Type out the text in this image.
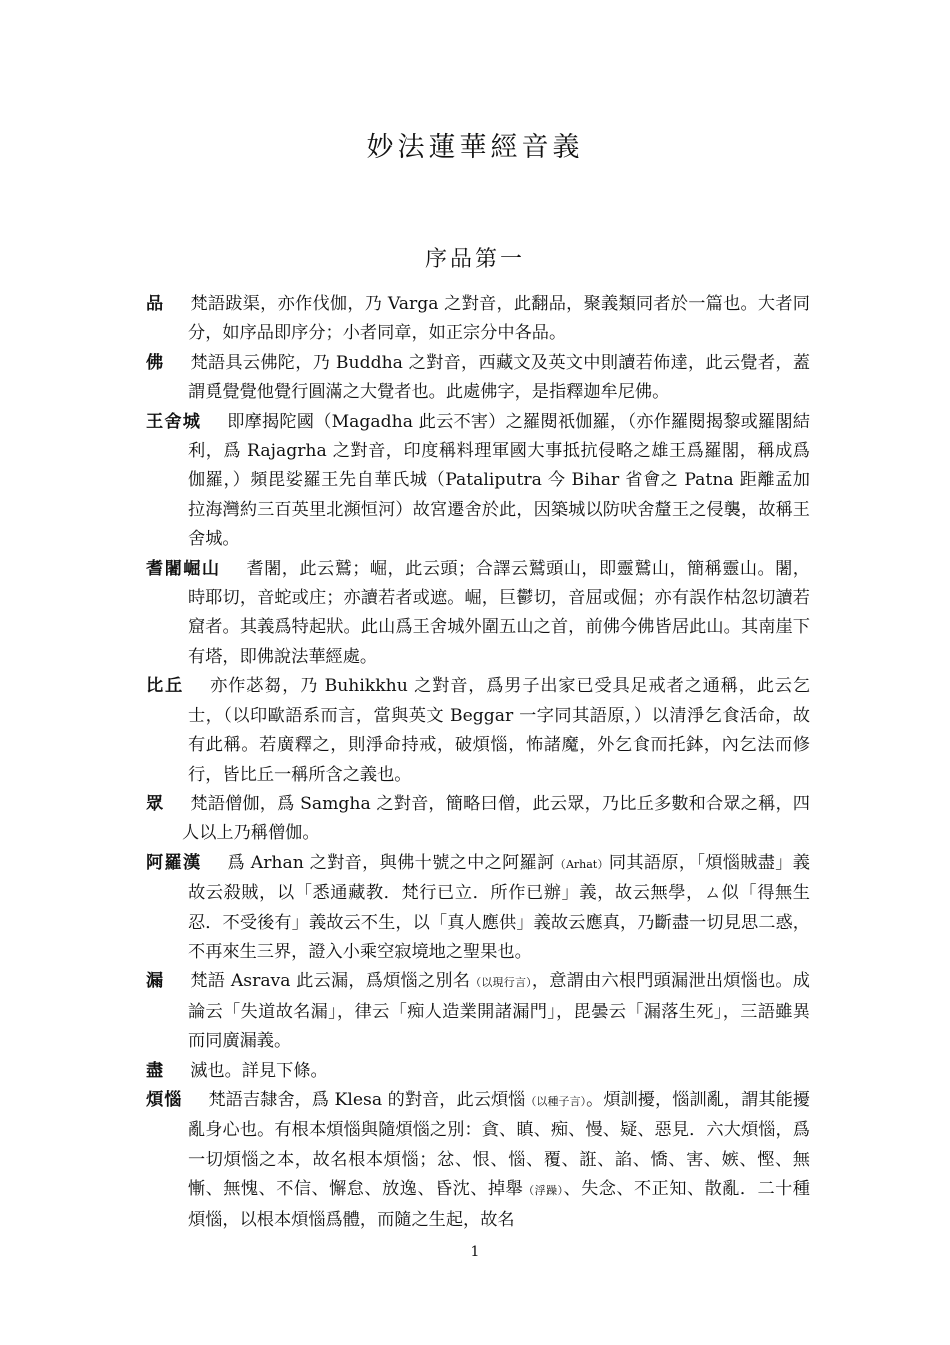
妙法蓮華經音義
序品第一

品 梵語跋渠，亦作伐伽，乃 Varga 之對音，此翻品，聚義類同者於一篇也。大者同分，如序品即序分；小者同章，如正宗分中各品。

佛 梵語具云佛陀，乃 Buddha 之對音，西藏文及英文中則讀若佈達，此云覺者，蓋謂覓覺覺他覺行圓滿之大覺者也。此處佛字，是指釋迦牟尼佛。

王舍城 即摩揭陀國（Magadha 此云不害）之羅閱祇伽羅，（亦作羅閱揭黎或羅閣結利，爲 Rajagrha 之對音，印度稱料理軍國大事抵抗侵略之雄王爲羅閣，稱成爲伽羅，）頻毘娑羅王先自華氏城（Pataliputra 今 Bihar 省會之 Patna 距離孟加拉海灣約三百英里北瀕恒河）故宮遷舍於此，因築城以防吠舍釐王之侵襲，故稱王舍城。

耆闍崛山 耆闍，此云鷲；崛，此云頭；合譯云鷲頭山，即靈鷲山，簡稱靈山。闍，時耶切，音蛇或庄；亦讀若者或遮。崛，巨鬱切，音屈或倔；亦有誤作枯忽切讀若窟者。其義爲特起狀。此山爲王舍城外圍五山之首，前佛今佛皆居此山。其南崖下有塔，即佛說法華經處。

比丘 亦作苾芻，乃 Buhikkhu 之對音，爲男子出家已受具足戒者之通稱，此云乞士，（以印歐語系而言，當與英文 Beggar 一字同其語原，）以清淨乞食活命，故有此稱。若廣釋之，則淨命持戒，破煩惱，怖諸魔，外乞食而托鉢，內乞法而修行，皆比丘一稱所含之義也。

眾 梵語僧伽，爲 Samgha 之對音，簡略曰僧，此云眾，乃比丘多數和合眾之稱，四人以上乃稱僧伽。

阿羅漢 爲 Arhan 之對音，與佛十號之中之阿羅訶（Arhat）同其語原，「煩惱賊盡」義故云殺賊，以「悉通藏教．梵行已立．所作已辦」義，故云無學，ㄙ似「得無生忍．不受後有」義故云不生，以「真人應供」義故云應真，乃斷盡一切見思二惑，不再來生三界，證入小乘空寂境地之聖果也。

漏 梵語 Asrava 此云漏，爲煩惱之別名（以現行言），意謂由六根門頭漏泄出煩惱也。成論云「失道故名漏」，律云「痴人造業開諸漏門」，毘曇云「漏落生死」，三語雖異而同廣漏義。

盡 滅也。詳見下條。

煩惱 梵語吉隸舍，爲 Klesa 的對音，此云煩惱（以種子言）。煩訓擾，惱訓亂，謂其能擾亂身心也。有根本煩惱與隨煩惱之別：貪、瞋、痴、慢、疑、惡見．六大煩惱，爲一切煩惱之本，故名根本煩惱；忿、恨、惱、覆、誑、諂、憍、害、嫉、慳、無慚、無愧、不信、懈怠、放逸、昏沈、掉舉（浮躁）、失念、不正知、散亂．二十種煩惱，以根本煩惱爲體，而隨之生起，故名

1
